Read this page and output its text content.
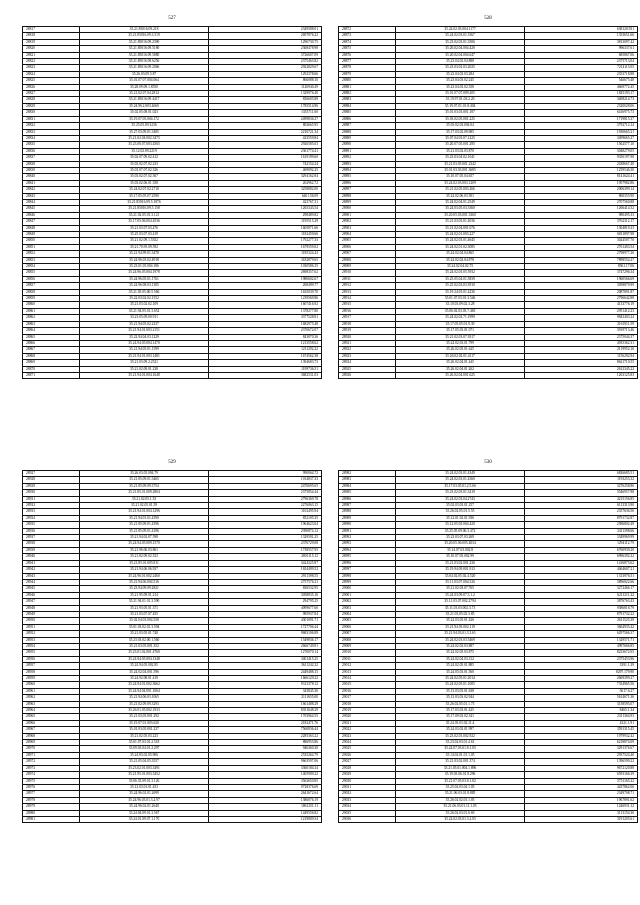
527
28817	35.21.85016.09.218	2349588.01
28818	35.21.85016.09.3.519	2697876.22
28819	35.21.85016.09.2390	1296730.75
28820	35.21.85016.09.5180	2368478.98
28821	35.21.85016.09.5880	3726607.09
28822	35.21.85016.09.6256	2375463.82
28823	35.21.85016.09.2066	2922829.67
28824	35.26.03.09.5.87	1292378.66
28825	35.01.07.07.004.064	866088.10
28826	35.28.09.09.1.8550	1126940.49
28827	35.21.02.07.04.2814	1329976.40
28828	35.21.85016.09.4417	836605.88
28829	35.24.96.2.003.4660	1785514.96
28830	35.02.05.08.01.023	1353711.60
28831	35.19.07.05.004.172	2499836.37
28832	35.25.05.09.3236	802665.95
28833	35.27.03.09.01.3485	2216721.34
28834	35.21.02.04.002.3475	423559.84
28835	35.23.00.07.003.4565	2926585.03
28836	35.12.02.09.2219	2361774.41
28837	35.02.07.09.02.412	1619199.60
28838	35.03.02.07.02.233	742154.24
28839	35.03.07.07.02.326	469092.25
28840	35.03.02.07.02.367	3294162.84
28841	35.03.02.06.01.358	262962.72
28842	35.24.02.07.02.2710	3258882.00
28843	35.17.05.05.07.2590	6461.56.09
28844	35.21.85016.09.5.1876	423767.31
28845	35.21.85016.09.5.158	1265343.54
28846	35.21.02.05.01.3.121	298489.82
28847	35.17.05.06.004.4536	1195515.29
28848	35.21.03.07.03.476	1605871.66
28849	35.25.03.07.03.419	1182459.66
28850	35.21.02.09.1.5352	1792277.33
28851	35.21.70.95.09.592	1679559.02
28852	35.21.94.99.01.3478	1185324.43
28853	35.24.96.03.02.4918	3182879.65
28854	35.23.01.05.004.186	1030586.35
28855	35.24.96.05.004.1978	2698357.62
28856	35.24.96.05.01.1761	1980602.67
28857	35.24.96.08.03.1385	268499.77
28858	35.21.05.05.00.5.566	1635039.70
28859	35.22.03.02.02.1552	1239569.86
28860	35.21.03.02.02.109	1607416.92
28861	35.21.94.05.01.3.652	1378277.80
28862	35.23.05.09.00.911	3377528.81
28863	35.21.94.05.02.2237	1682975.48
28864	35.21.94.01.003.2151	2376672.07
28865	35.22.94.04.03.1229	843870.36
28866	35.24.94.05.004.1470	1213558.62
28867	35.21.94.05.01.1599	1211292.22
28868	35.21.94.01.003.1481	1674562.38
28869	35.21.03.09.2.2521	1394683.73
28870	35.21.02.09.01.238	1199736.51
28871	35.21.94.01.004.1648	3682531.03
528
28872	35.24.02.03.004.1177	638120.931
28873	35.24.02.03.01.3567	1353651.66
28874	35.23.02.03.01.3506	3813097.42
28875	35.26.02.04.004.420	996337.61
28876	35.20.02.04.004.647	685867.06
28877	35.23.04.02.04.888	2375713.04
28878	35.23.03.02.03.2025	7214115.05
28879	35.23.04.03.03.284	2353718.88
28880	35.23.04.03.02.245	546675.48
28881	35.23.04.03.02.358	4669772.45
28882	35.01.07.07.009.205	1825193.17
28883	35.19.97.01.03.2.20	3408214.73
28884	35.19.07.01.01.8.404	2320028.06
28885	35.01.03.03.001.187	6416975.73
28886	35.03.02.05.001.225	1719815.37
28887	35.03.02.03.004.04	3792712.14
28888	35.17.03.02.09.085	1930665.21
28889	35.07.04.03.07.1225	3499665.27
28890	35.20.07.05.001.295	1562577.10
28891	35.21.03.02.03.870	3048279.05
28892	35.23.03.04.02.1041	9350197.98
28893	35.21.03.05.001.2342	2438667.40
28894	35.01.03.03.001.3685	1259546.30
28895	35.10.07.05.04.657	8141624.41
28896	35.24.02.03.003.1209	1957982.86
28897	35.21.02.05.003.266	2006399.14
28898	35.24.02.06.03.501	860355.90
28899	35.24.02.04.01.2549	2707560.88
28900	35.24.03.05.03.3360	1266414.52
28901	35.20.05.03.001.3360	980495.33
28902	35.21.03.03.01.4036	3762312.17
28903	35.21.02.04.001.076	1304819.23
28904	35.24.02.01.003.227	6811897.98
28905	35.24.02.03.01.4645	3024507.70
28906	35.24.02.01.02.3085	2761403.54
28907	35.24.02.04.04.865	2798977.26
28908	35.24.02.02.04.878	7898554.27
28909	35.24.02.04.02.75	8561.17.06
28910	35.24.02.03.05.5932	3747296.34
28911	35.25.05.04.01.5839	1960566.69
28912	35.25.02.03.03.3910	3058879.99
28913	35.19.24.03.01.4236	2087891.87
28914	35.01.07.03.01.3.546	2796642.88
28915	35.10.03.09.02.3.28	4133776.19
28916	35.06.02.03.03.7.465	2951412.23
28917	35.24.02.02.71.1999	9843403.24
28918	35.17.05.05.01.9.39	2161911.59
28919	35.17.05.03.01.071	3919713.46
28920	35.21.02.03.07.3917	2375044.37
28921	35.24.02.03.01.799	4935362.31
28922	35.26.02.05.01.625	2119952.16
28923	35.26.02.02.01.4117	1156202.94
28924	35.26.02.04.01.445	8621710.55
28925	35.26.02.04.01.262	2612345.22
28926	35.26.02.04.001.625	1263125.83
529
28927	35.26.03.05.004.79	990064.72
28928	35.21.85.09.01.3465	1014837.33
28929	35.21.85.09.09.3754	2476695.65
28930	35.21.85.01.009.2804	2375854.44
28931	35.21.02.05.1.53	2796369.78
28932	35.21.02.05.01.59	2276063.15
28933	35.21.94.01.004.1296	1102495.94
28934	35.21.94.01.01.4390	852105.35
28935	35.21.85.09.01.4396	1964623.04
28936	35.21.85.09.01.4186	2390874.12
28937	35.21.94.02.07.598	1329591.25
28938	35.24.94.05.009.1570	2376729.08
28939	35.21.96.06.03.861	1738557.95
28940	35.21.82.09.02.523	2801115.12
28941	35.21.85.01.005.811	3424325.87
28942	35.21.94.06.06.937	1654499.52
28943	35.24.96.01.002.2460	2911398.55
28944	35.21.94.06.004.516	2757576.21
28945	35.23.94.09.09.2821	836532.95
28946	35.21.95.09.01.214	3058835.16
28947	35.21.94.01.01.3.590	294795.25
28948	35.21.93.05.01.371	4099677.60
28949	35.21.03.07.07.455	985937.84
28950	35.02.04.03.004.558	4301091.71
28951	35.01.03.02.01.3.594	1727706.44
28952	35.21.03.05.01.740	9683106.89
28953	35.23.03.02.00.1.560	1549836.17
28954	35.21.03.05.001.352	2666749.81
28955	35.23.01.02.001.4760	1270070.14
28956	35.24.94.05.004.1348	3401415.25
28957	35.24.94.05.002.85	3611242.32
28958	35.24.02.04.001.596	2449488.15
28959	35.24.92.08.01.419	1666129.22
28960	35.24.94.01.002.3662	9313378.12
28961	35.24.94.04.001.1064	343845.36
28962	35.21.94.06.03.1065	2111655.00
28963	35.21.02.09.09.3293	1661488.29
28964	35.26.01.05.002.1933	8351648.29
28965	35.21.03.05.001.292	1703964.55
28966	35.19.07.01.003.620	2182471.76
28967	35.01.03.05.001.237	7560836.44
28968	35.21.02.05.03.223	2285363.22
28969	35.01.07.03.01.2.518	886953.86
28970	35.09.03.04.01.2.297	946360.30
28971	35.24.83.02.05.906	2535264.79
28972	35.21.05.04.05.3557	9663597.06
28973	35.23.02.01.003.3491	3360184.34
28974	35.21.95.01.003.3452	1405909.22
28975	35.06.35.09.01.3.126	3562650.85
28976	35.12.03.01.01.453	9728376.69
28977	35.24.96.02.01.2699	2641672.64
28978	35.24.96.03.01.3.2.97	1386076.19
28979	35.24.96.02.01.2640	1861251.11
28980	35.24.94.09.01.3.567	1449556.82
28981	35.24.01.09.07.1.170	1219809.54
530
28982	35.24.02.03.01.4349	6826685.51
28983	35.24.02.03.01.4360	1193253.32
28984	35.17.03.05.01.2.5.66	3276258.86
28985	35.23.02.03.01.3219	3546957.98
28986	35.24.02.03.04.2743	4215156.85
28987	35.02.03.03.01.257	6113313.90
28988	35.26.02.05.01.5.55	2357636.56
28989	35.12.01.02.01.936	8791732.87
28990	35.12.05.05.004.420	2586802.49
28991	35.25.05.09.06.3.472	3411398.66
28992	35.23.03.07.03.269	3349969.99
28993	35.20.05.06.005.4034	1294112.79
28994	35.14.07.03.002.8	6760939.20
28995	35.10.07.05.002.99	6996392.22
28996	35.21.03.02.001.236	1416873.62
28997	35.19.94.09.001.913	4464607.21
28998	35.04.02.05.02.4.520	1313976.51
28999	35.11.03.07.004.526	3896822.66
29000	35.21.02.03.07.765	3272466.17
29001	35.24.03.09.07.3.1.2	6211211.22
29002	35.11.03.07.002.2794	3876763.43
29003	35.11.03.03.002.3.73	9386818.79
29004	35.21.03.05.02.3.85	8791732.22
29005	35.24.03.03.01.426	2611525.39
29006	35.21.94.03.002.119	3664935.42
29007	35.21.94.03.01.3.3.61	6297566.37
29008	35.24.02.03.03.5469	1329571.71
29009	35.24.02.03.03.887	4997666.85
29010	35.24.02.05.03.875	8233672.05
29011	35.24.02.04.03.312	2375453.96
29012	35.24.02.05.01.885	3391.1.39
29013	35.24.03.03.01.560	8297.179.90
29014	35.24.02.05.01.2014	2669399.27
29015	35.24.02.05.01.1005	7334965.56
29016	35.13.03.03.01.638	5617.6.27
29017	35.13.03.03.02.944	5614671.36
29018	35.26.02.05.01.1.75	3158595.07
29019	35.17.03.03.01.425	8465.1.34
29020	35.17.09.03.02.341	2311364.93
29021	35.24.03.03.02.11.4	4321.1.91
29022	35.24.03.02.01.997	3591315.45
29023	35.23.02.03.002.922	1979932.42
29024	35.23.02.03.01.4.61	6218874.09
29025	35.24.07.03.01.8.1.05	3291376.67
29026	35.14.02.01.01.1.05	2937524.40
29027	35.21.03.02.001.374	1396599.22
29028	35.21.05.01.004.1.896	9672120.88
29029	35.19.03.06.01.8.296	6593166.39
29030	35.21.07.05.03.8.1.82	5751165.22
29031	35.25.02.03.04.1.05	4437862.06
29032	35.21.06.03.01.8.885	2349708.71
29033	35.26.02.02.01.1.05	1967891.62
29034	35.21.06.03.01.11.1.05	1246931.12
29035	35.26.02.03.01.6.69	3113154.36
29036	35.24.02.03.01.3.2.05	3191205.61
